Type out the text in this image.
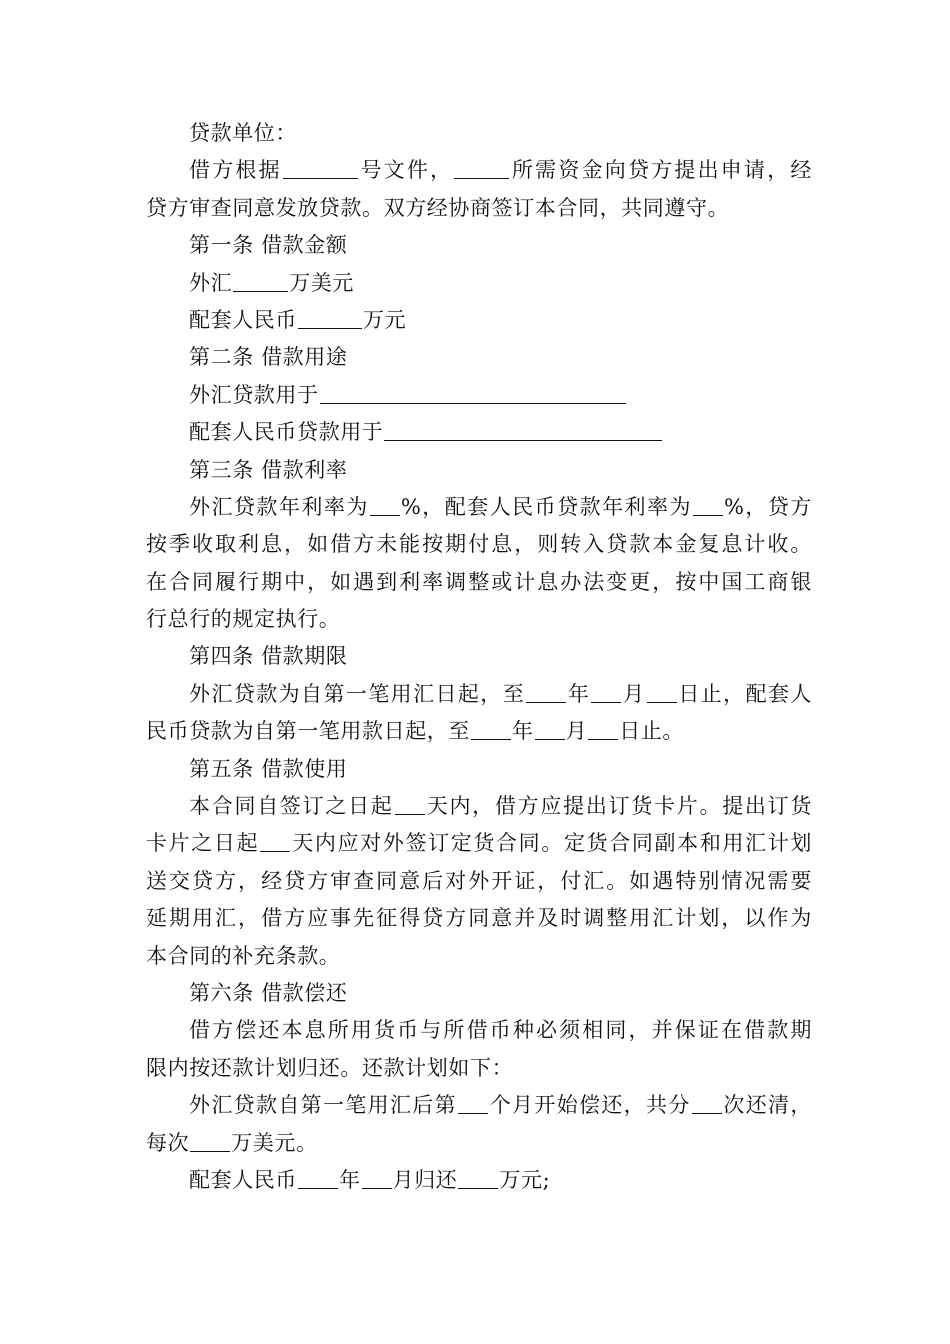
贷款单位：
借方根据	号文件，	所需资金向贷方提出申请，经
贷方审查同意发放贷款。双方经协商签订本合同，共同遵守。
第一条 借款金额
外汇	万美元
配套人民币	万元
第二条 借款用途
外汇贷款用于
配套人民币贷款用于
第三条 借款利率
外汇贷款年利率为 %，配套人民币贷款年利率为 %，贷方
按季收取利息，如借方未能按期付息，则转入贷款本金复息计收。
在合同履行期中，如遇到利率调整或计息办法变更，按中国工商银
行总行的规定执行。
第四条 借款期限
外汇贷款为自第一笔用汇日起，至 年 月 日止，配套人
民币贷款为自第一笔用款日起，至 年 月 日止。
第五条 借款使用
本合同自签订之日起 天内，借方应提出订货卡片。提出订货
卡片之日起 天内应对外签订定货合同。定货合同副本和用汇计划
送交贷方，经贷方审查同意后对外开证，付汇。如遇特别情况需要
延期用汇，借方应事先征得贷方同意并及时调整用汇计划，以作为
本合同的补充条款。
第六条 借款偿还
借方偿还本息所用货币与所借币种必须相同，并保证在借款期
限内按还款计划归还。还款计划如下：
外汇贷款自第一笔用汇后第 个月开始偿还，共分 次还清，
每次 万美元。
配套人民币 年 月归还 万元;
